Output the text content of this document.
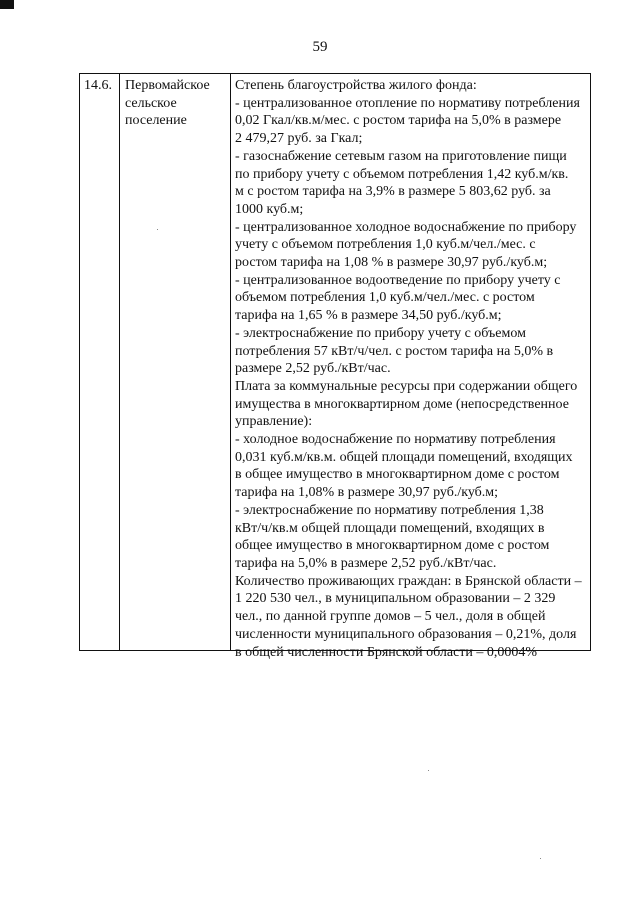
59
14.6. Первомайское
сельское
поселение
Степень благоустройства жилого фонда:
- централизованное отопление по нормативу потребления
0,02 Гкал/кв.м/мес. с ростом тарифа на 5,0% в размере
2 479,27 руб. за Гкал;
- газоснабжение сетевым газом на приготовление пищи
по прибору учету с объемом потребления 1,42 куб.м/кв.
м с ростом тарифа на 3,9% в размере 5 803,62 руб. за
1000 куб.м;
- централизованное холодное водоснабжение по прибору
учету с объемом потребления 1,0 куб.м/чел./мес. с
ростом тарифа на 1,08 % в размере 30,97 руб./куб.м;
- централизованное водоотведение по прибору учету с
объемом потребления 1,0 куб.м/чел./мес. с ростом
тарифа на 1,65 % в размере 34,50 руб./куб.м;
- электроснабжение по прибору учету с объемом
потребления 57 кВт/ч/чел. с ростом тарифа на 5,0% в
размере 2,52 руб./кВт/час.
Плата за коммунальные ресурсы при содержании общего
имущества в многоквартирном доме (непосредственное
управление):
- холодное водоснабжение по нормативу потребления
0,031 куб.м/кв.м. общей площади помещений, входящих
в общее имущество в многоквартирном доме с ростом
тарифа на 1,08% в размере 30,97 руб./куб.м;
- электроснабжение по нормативу потребления 1,38
кВт/ч/кв.м общей площади помещений, входящих в
общее имущество в многоквартирном доме с ростом
тарифа на 5,0% в размере 2,52 руб./кВт/час.
Количество проживающих граждан: в Брянской области –
1 220 530 чел., в муниципальном образовании – 2 329
чел., по данной группе домов – 5 чел., доля в общей
численности муниципального образования – 0,21%, доля
в общей численности Брянской области – 0,0004%
